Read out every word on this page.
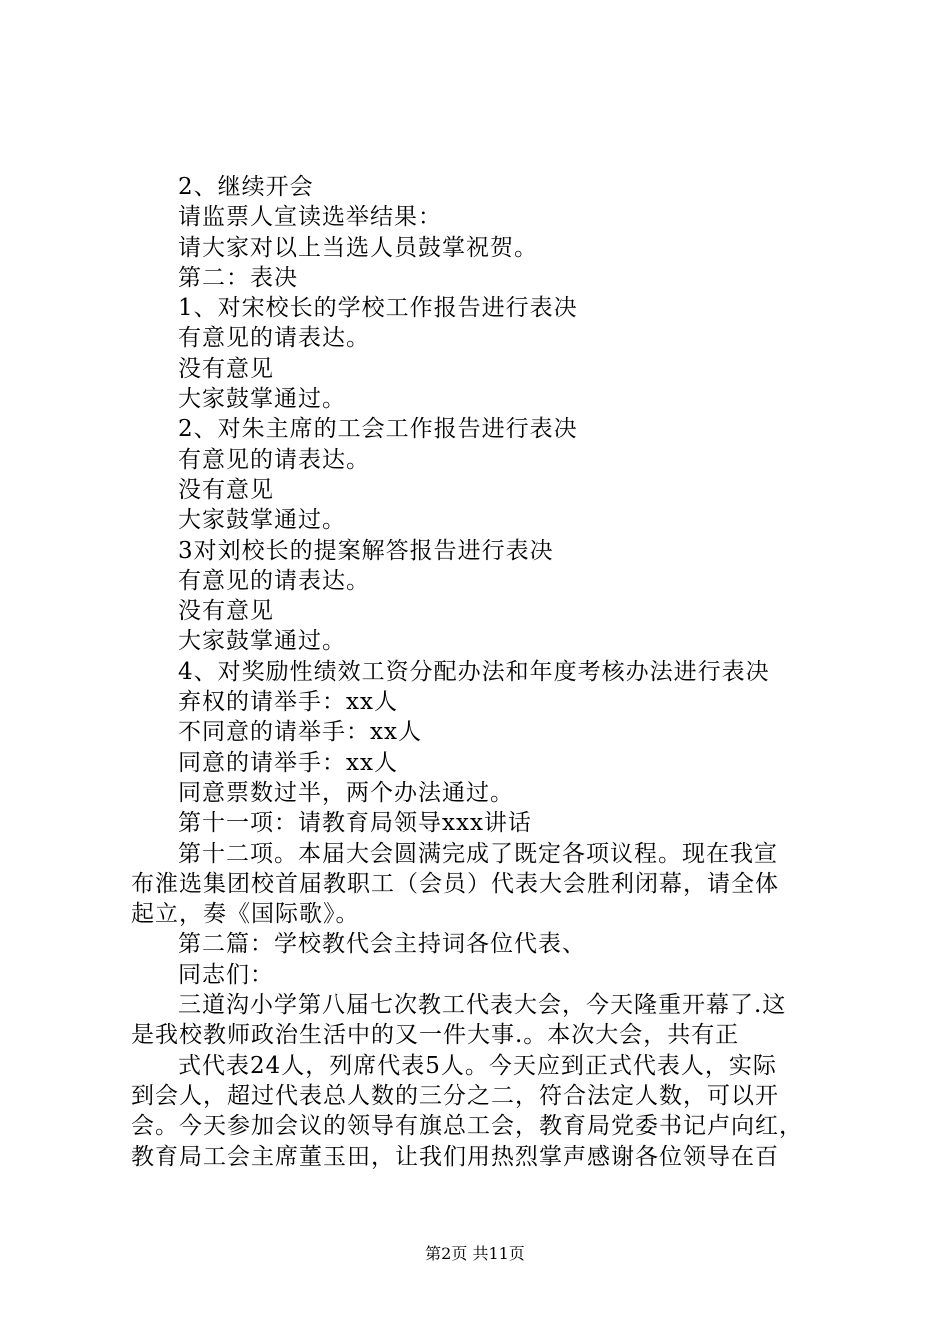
2、继续开会
请监票人宣读选举结果：
请大家对以上当选人员鼓掌祝贺。
第二：表决
1、对宋校长的学校工作报告进行表决
有意见的请表达。
没有意见
大家鼓掌通过。
2、对朱主席的工会工作报告进行表决
有意见的请表达。
没有意见
大家鼓掌通过。
3对刘校长的提案解答报告进行表决
有意见的请表达。
没有意见
大家鼓掌通过。
4、对奖励性绩效工资分配办法和年度考核办法进行表决
弃权的请举手：xx人
不同意的请举手：xx人
同意的请举手：xx人
同意票数过半，两个办法通过。
第十一项：请教育局领导xxx讲话
第十二项。本届大会圆满完成了既定各项议程。现在我宣
布淮选集团校首届教职工（会员）代表大会胜利闭幕，请全体
起立，奏《国际歌》。
第二篇：学校教代会主持词各位代表、
同志们：
三道沟小学第八届七次教工代表大会，今天隆重开幕了.这
是我校教师政治生活中的又一件大事.。本次大会，共有正
式代表24人，列席代表5人。今天应到正式代表人，实际
到会人，超过代表总人数的三分之二，符合法定人数，可以开
会。今天参加会议的领导有旗总工会，教育局党委书记卢向红，
教育局工会主席董玉田，让我们用热烈掌声感谢各位领导在百
第2页 共11页
